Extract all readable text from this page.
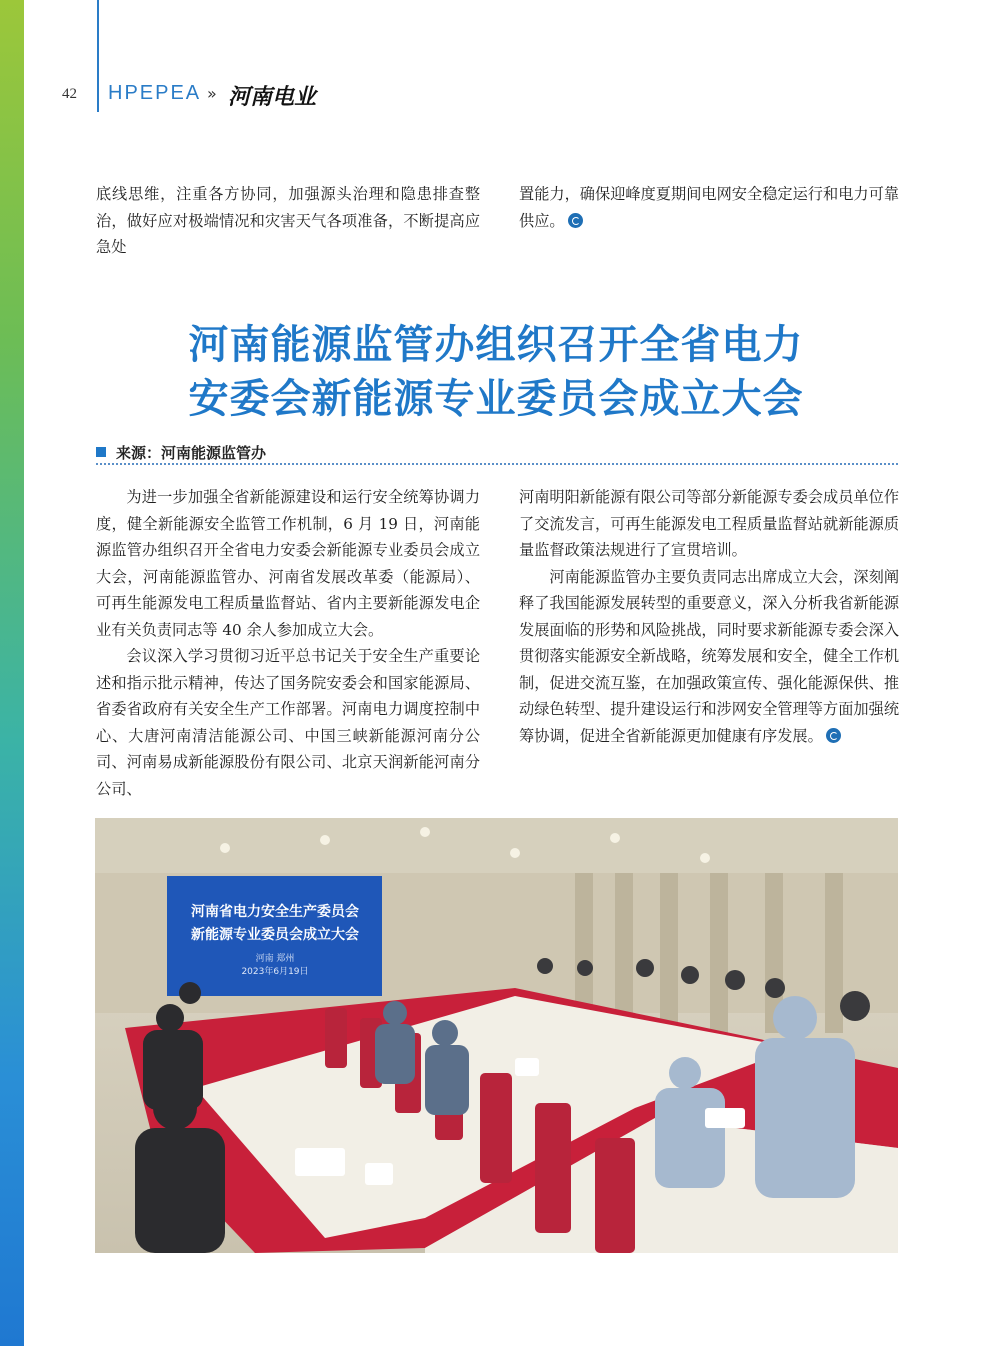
42 HPEPEA » 河南电业
底线思维，注重各方协同，加强源头治理和隐患排查整治，做好应对极端情况和灾害天气各项准备，不断提高应急处
置能力，确保迎峰度夏期间电网安全稳定运行和电力可靠供应。
河南能源监管办组织召开全省电力
安委会新能源专业委员会成立大会
来源：河南能源监管办
为进一步加强全省新能源建设和运行安全统筹协调力度，健全新能源安全监管工作机制，6 月 19 日，河南能源监管办组织召开全省电力安委会新能源专业委员会成立大会，河南能源监管办、河南省发展改革委（能源局）、可再生能源发电工程质量监督站、省内主要新能源发电企业有关负责同志等 40 余人参加成立大会。
会议深入学习贯彻习近平总书记关于安全生产重要论述和指示批示精神，传达了国务院安委会和国家能源局、省委省政府有关安全生产工作部署。河南电力调度控制中心、大唐河南清洁能源公司、中国三峡新能源河南分公司、河南易成新能源股份有限公司、北京天润新能河南分公司、
河南明阳新能源有限公司等部分新能源专委会成员单位作了交流发言，可再生能源发电工程质量监督站就新能源质量监督政策法规进行了宣贯培训。
河南能源监管办主要负责同志出席成立大会，深刻阐释了我国能源发展转型的重要意义，深入分析我省新能源发展面临的形势和风险挑战，同时要求新能源专委会深入贯彻落实能源安全新战略，统筹发展和安全，健全工作机制，促进交流互鉴，在加强政策宣传、强化能源保供、推动绿色转型、提升建设运行和涉网安全管理等方面加强统筹协调，促进全省新能源更加健康有序发展。
河南省电力安全生产委员会
新能源专业委员会成立大会
河南 郑州
2023年6月19日
